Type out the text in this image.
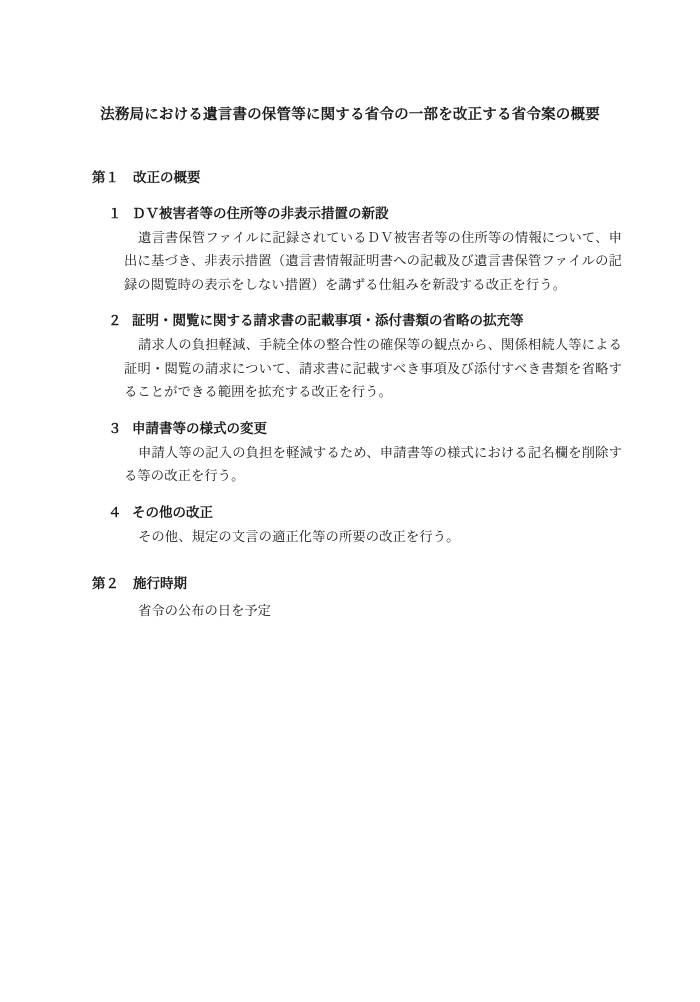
法務局における遺言書の保管等に関する省令の一部を改正する省令案の概要
第１ 改正の概要
１ ＤＶ被害者等の住所等の非表示措置の新設

遺言書保管ファイルに記録されているＤＶ被害者等の住所等の情報について、申出に基づき、非表示措置（遺言書情報証明書への記載及び遺言書保管ファイルの記録の閲覧時の表示をしない措置）を講ずる仕組みを新設する改正を行う。

２ 証明・閲覧に関する請求書の記載事項・添付書類の省略の拡充等

請求人の負担軽減、手続全体の整合性の確保等の観点から、関係相続人等による証明・閲覧の請求について、請求書に記載すべき事項及び添付すべき書類を省略することができる範囲を拡充する改正を行う。

３ 申請書等の様式の変更

申請人等の記入の負担を軽減するため、申請書等の様式における記名欄を削除する等の改正を行う。

４ その他の改正

その他、規定の文言の適正化等の所要の改正を行う。

第２ 施行時期

省令の公布の日を予定
